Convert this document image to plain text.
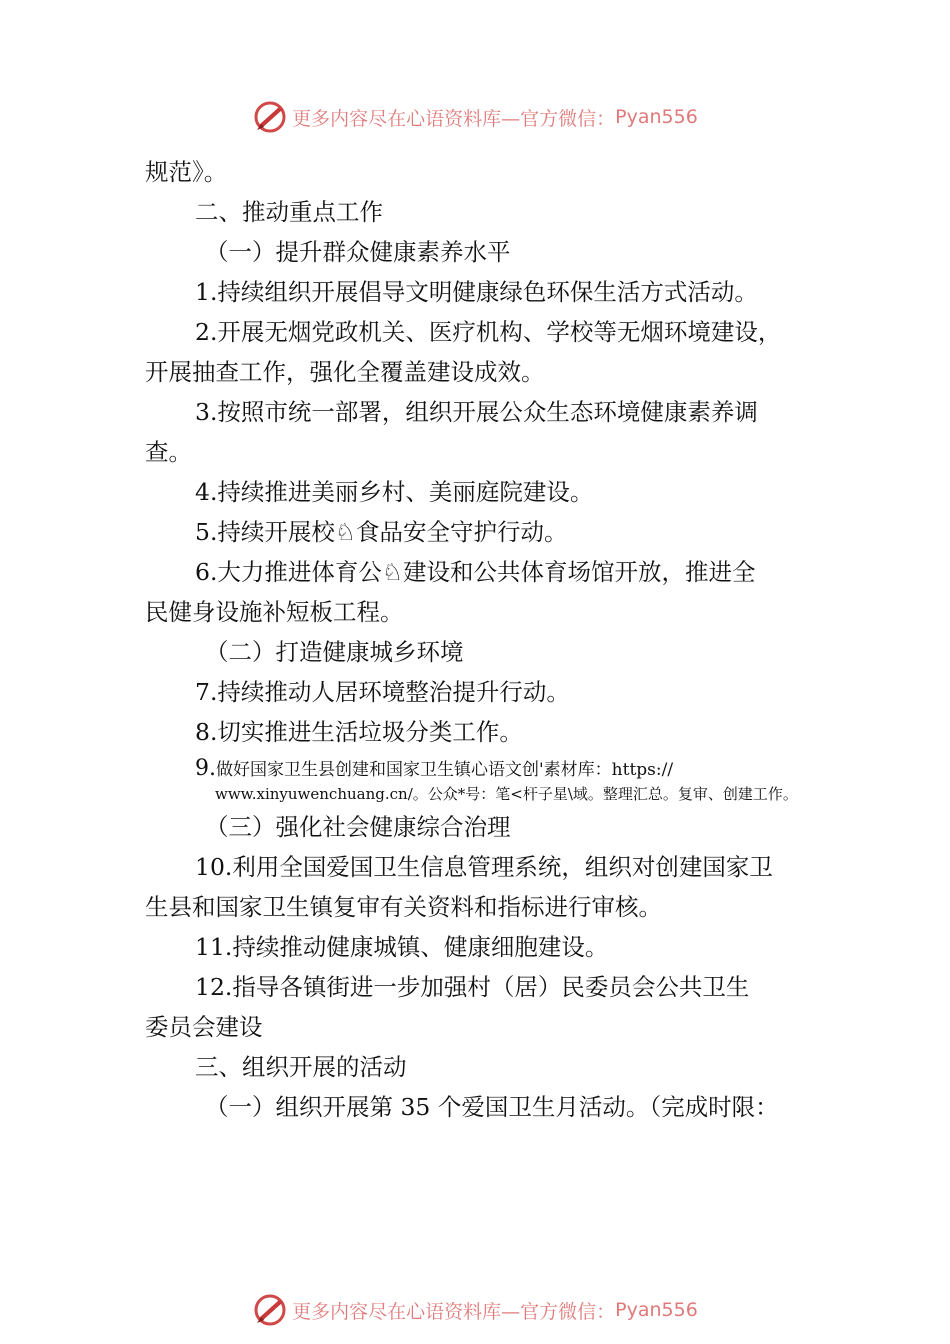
更多内容尽在心语资料库—官方微信： Pyan556
规范》。
二、推动重点工作
（一）提升群众健康素养水平
1.持续组织开展倡导文明健康绿色环保生活方式活动。
2.开展无烟党政机关、医疗机构、学校等无烟环境建设，
开展抽查工作，强化全覆盖建设成效。
3.按照市统一部署，组织开展公众生态环境健康素养调
查。
4.持续推进美丽乡村、美丽庭院建设。
5.持续开展校♘食品安全守护行动。
6.大力推进体育公♘建设和公共体育场馆开放，推进全
民健身设施补短板工程。
（二）打造健康城乡环境
7.持续推动人居环境整治提升行动。
8.切实推进生活垃圾分类工作。
9.做好国家卫生县创建和国家卫生镇心语文创'素材库：https://
www.xinyuwenchuang.cn/。公众*号：笔<杆子星\域。整理汇总。复审、创建工作。
（三）强化社会健康综合治理
10.利用全国爱国卫生信息管理系统，组织对创建国家卫
生县和国家卫生镇复审有关资料和指标进行审核。
11.持续推动健康城镇、健康细胞建设。
12.指导各镇街进一步加强村（居）民委员会公共卫生
委员会建设
三、组织开展的活动
（一）组织开展第 35 个爱国卫生月活动。（完成时限：
更多内容尽在心语资料库—官方微信： Pyan556
